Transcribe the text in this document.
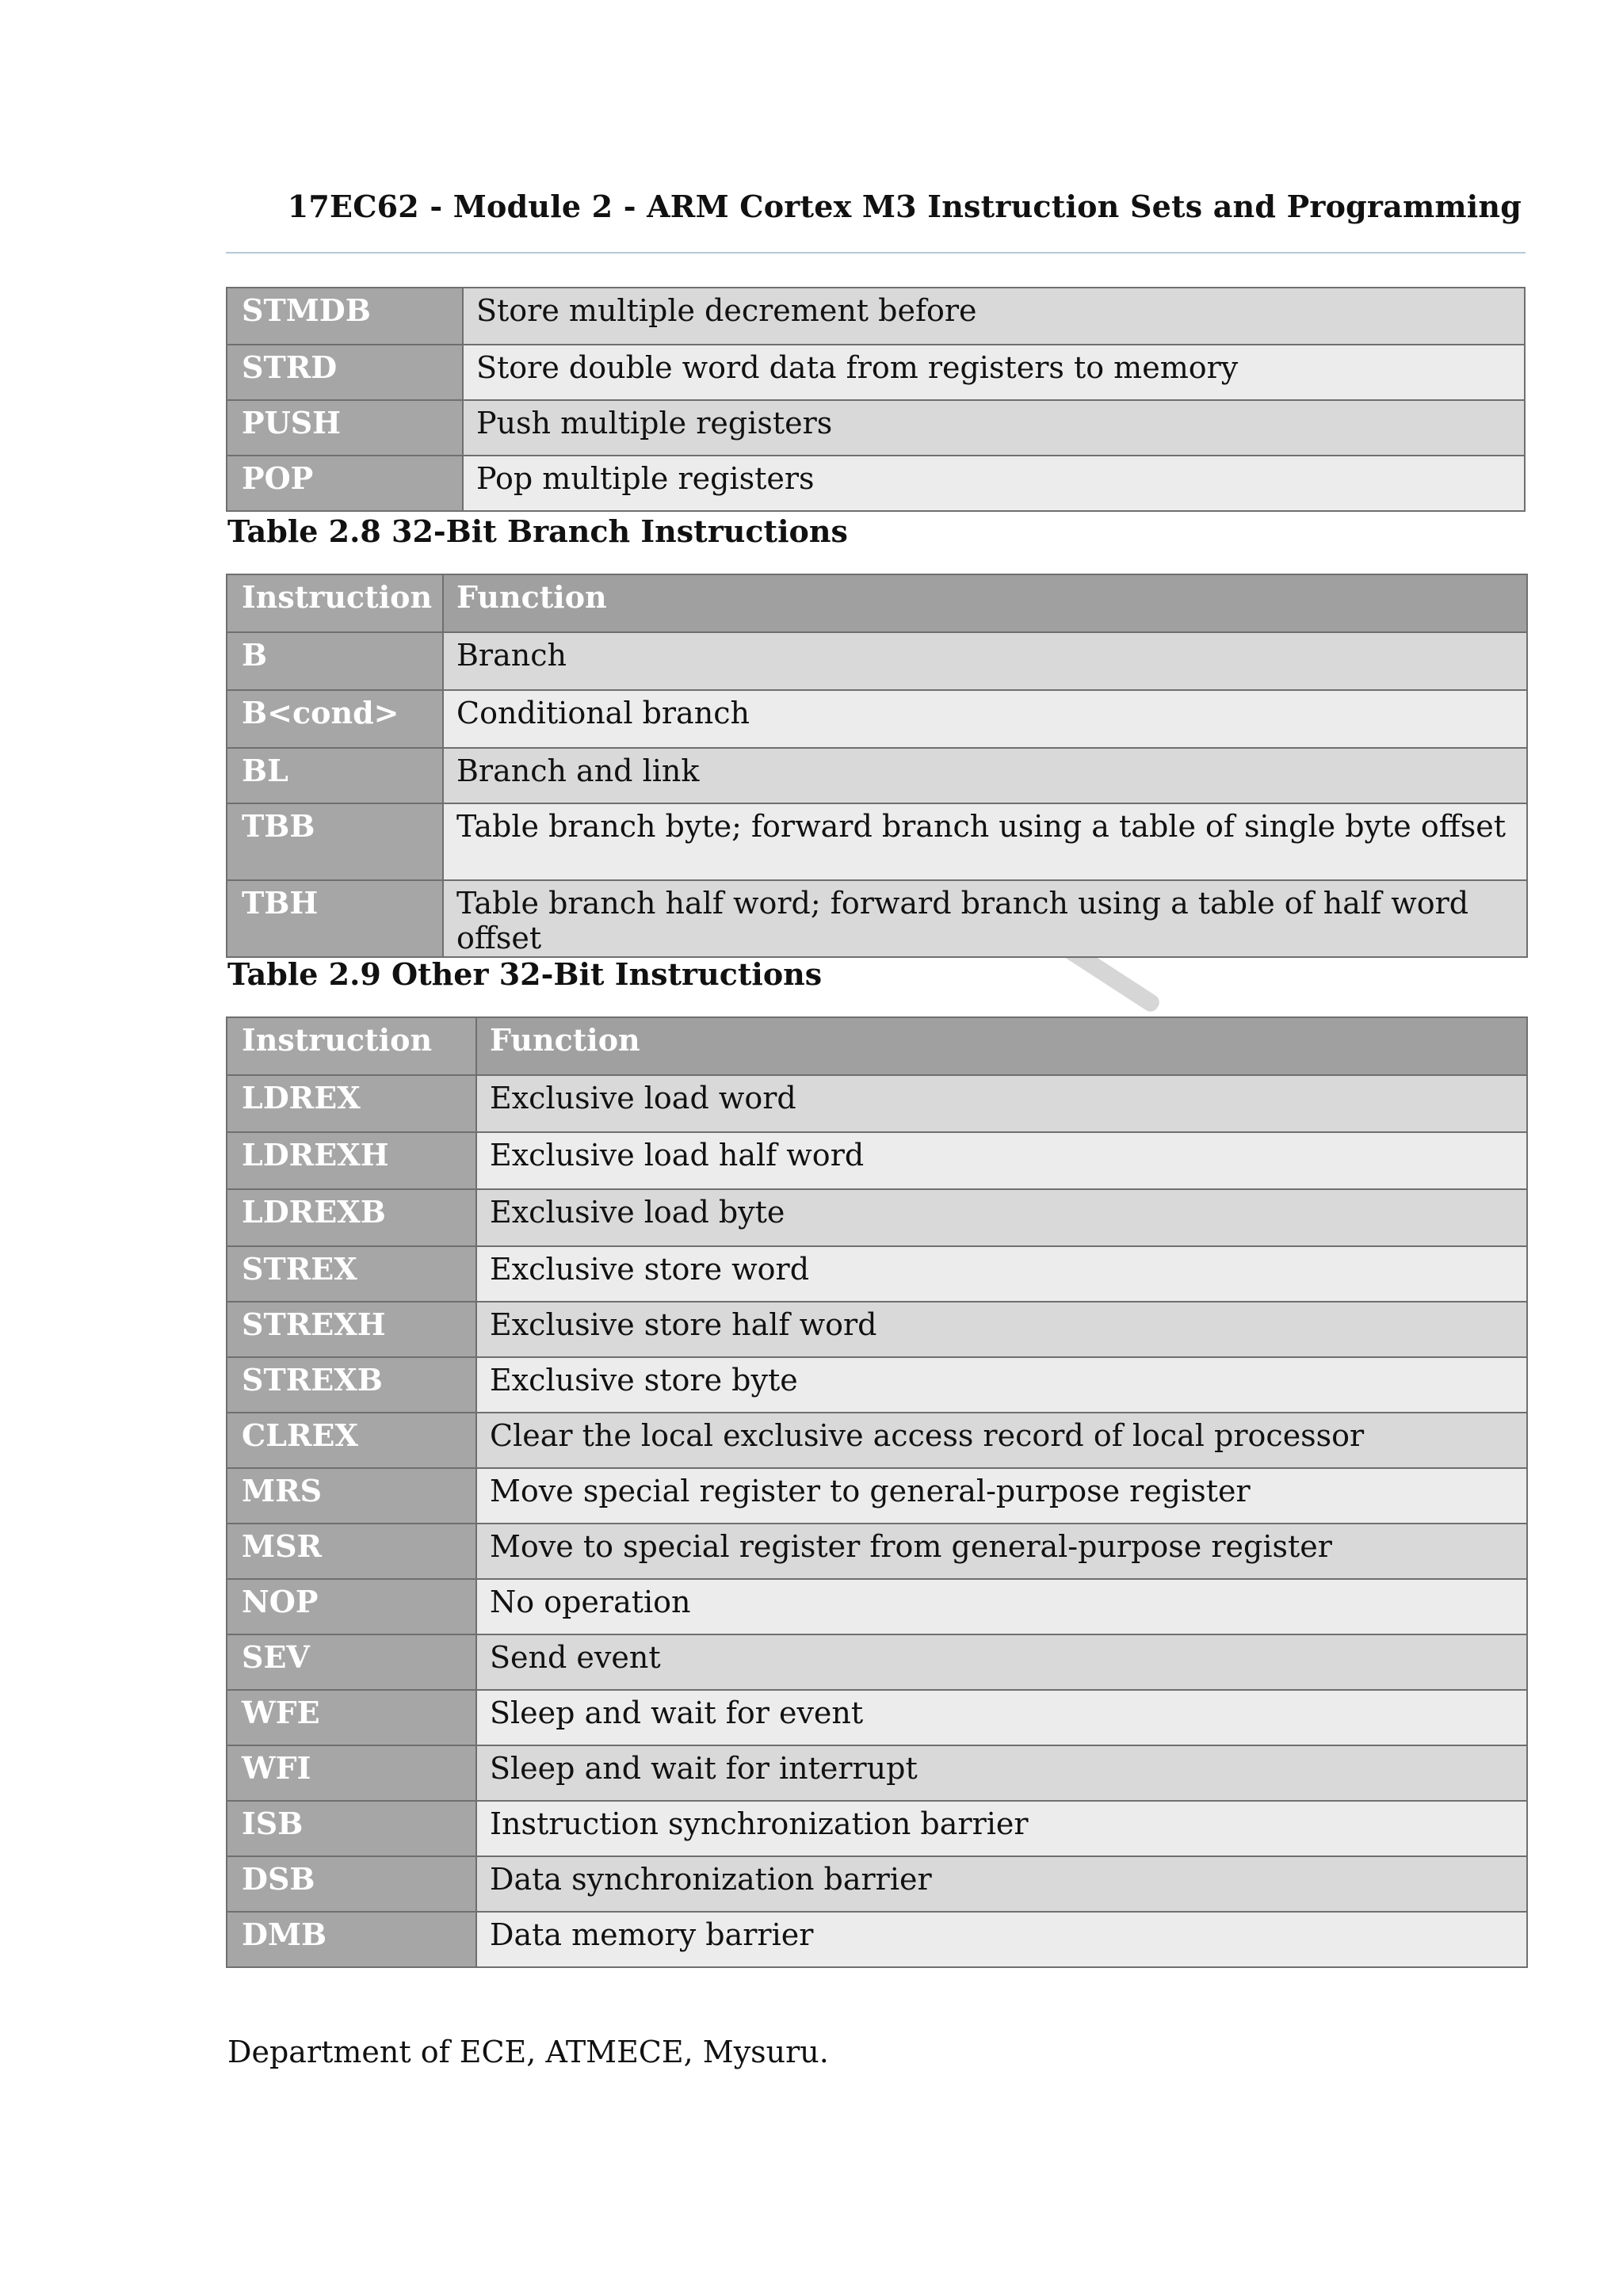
17EC62 - Module 2 - ARM Cortex M3 Instruction Sets and Programming
STMDB	Store multiple decrement before
STRD	Store double word data from registers to memory
PUSH	Push multiple registers
POP	Pop multiple registers
Table 2.8 32-Bit Branch Instructions
Instruction	Function
B	Branch
B<cond>	Conditional branch
BL	Branch and link
TBB	Table branch byte; forward branch using a table of single byte offset
TBH	Table branch half word; forward branch using a table of half word offset
Table 2.9 Other 32-Bit Instructions
Instruction	Function
LDREX	Exclusive load word
LDREXH	Exclusive load half word
LDREXB	Exclusive load byte
STREX	Exclusive store word
STREXH	Exclusive store half word
STREXB	Exclusive store byte
CLREX	Clear the local exclusive access record of local processor
MRS	Move special register to general-purpose register
MSR	Move to special register from general-purpose register
NOP	No operation
SEV	Send event
WFE	Sleep and wait for event
WFI	Sleep and wait for interrupt
ISB	Instruction synchronization barrier
DSB	Data synchronization barrier
DMB	Data memory barrier
Department of ECE, ATMECE, Mysuru.
